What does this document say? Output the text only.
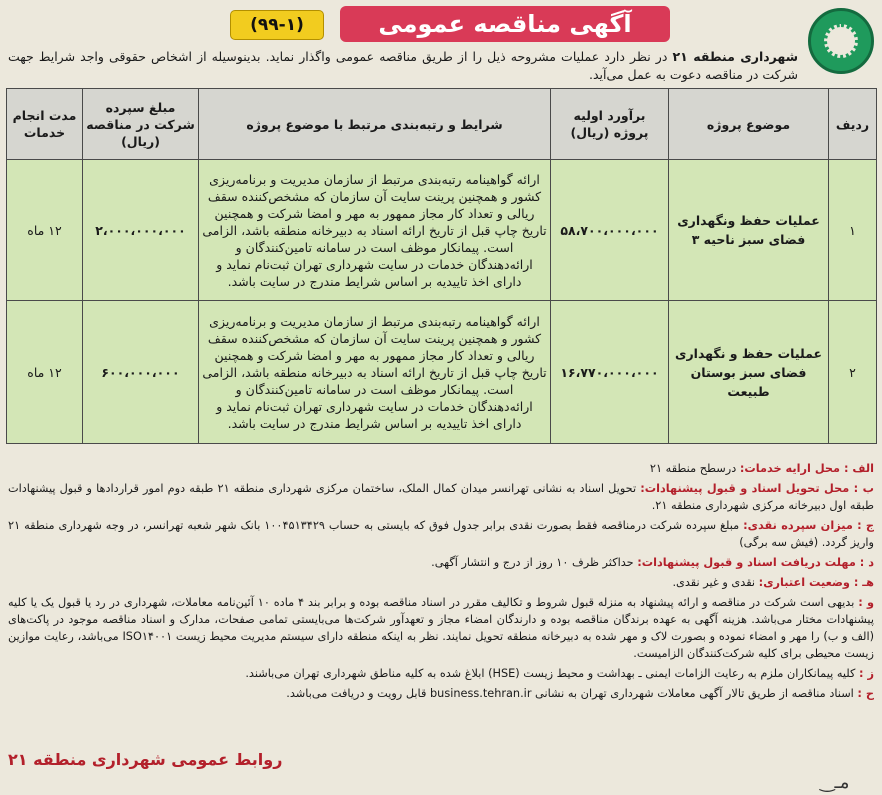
آگهی مناقصه عمومی
(۹۹-۱)
شهرداری منطقه ۲۱ در نظر دارد عملیات مشروحه ذیل را از طریق مناقصه عمومی واگذار نماید. بدینوسیله از اشخاص حقوقی واجد شرایط جهت شرکت در مناقصه دعوت به عمل می‌آید.
ردیف	موضوع پروژه	برآورد اولیه پروژه (ریال)	شرایط و رتبه‌بندی مرتبط با موضوع پروژه	مبلغ سپرده شرکت در مناقصه (ریال)	مدت انجام خدمات
۱	عملیات حفظ ونگهداری فضای سبز ناحیه ۳	۵۸،۷۰۰،۰۰۰،۰۰۰	ارائه گواهینامه رتبه‌بندی مرتبط از سازمان مدیریت و برنامه‌ریزی کشور و همچنین پرینت سایت آن سازمان که مشخص‌کننده سقف ریالی و تعداد کار مجاز ممهور به مهر و امضا شرکت و همچنین تاریخ چاپ قبل از تاریخ ارائه اسناد به دبیرخانه منطقه باشد، الزامی است. پیمانکار موظف است در سامانه تامین‌کنندگان و ارائه‌دهندگان خدمات در سایت شهرداری تهران ثبت‌نام نماید و دارای اخذ تاییدیه بر اساس شرایط مندرج در سایت باشد.	۲،۰۰۰،۰۰۰،۰۰۰	۱۲ ماه
۲	عملیات حفظ و نگهداری فضای سبز بوستان طبیعت	۱۶،۷۷۰،۰۰۰،۰۰۰	ارائه گواهینامه رتبه‌بندی مرتبط از سازمان مدیریت و برنامه‌ریزی کشور و همچنین پرینت سایت آن سازمان که مشخص‌کننده سقف ریالی و تعداد کار مجاز ممهور به مهر و امضا شرکت و همچنین تاریخ چاپ قبل از تاریخ ارائه اسناد به دبیرخانه منطقه باشد، الزامی است. پیمانکار موظف است در سامانه تامین‌کنندگان و ارائه‌دهندگان خدمات در سایت شهرداری تهران ثبت‌نام نماید و دارای اخذ تاییدیه بر اساس شرایط مندرج در سایت باشد.	۶۰۰،۰۰۰،۰۰۰	۱۲ ماه
الف : محل ارایه خدمات: درسطح منطقه ۲۱
ب : محل تحویل اسناد و قبول پیشنهادات: تحویل اسناد به نشانی تهرانسر میدان کمال الملک، ساختمان مرکزی شهرداری منطقه ۲۱ طبقه دوم امور قراردادها و قبول پیشنهادات طبقه اول دبیرخانه مرکزی شهرداری منطقه ۲۱.
ج : میزان سپرده نقدی: مبلغ سپرده شرکت درمناقصه فقط بصورت نقدی برابر جدول فوق که بایستی به حساب ۱۰۰۴۵۱۳۴۲۹ بانک شهر شعبه تهرانسر، در وجه شهرداری منطقه ۲۱ واریز گردد. (فیش سه برگی)
د : مهلت دریافت اسناد و قبول پیشنهادات: حداکثر ظرف ۱۰ روز از درج و انتشار آگهی.
هـ : وضعیت اعتباری: نقدی و غیر نقدی.
و : بدیهی است شرکت در مناقصه و ارائه پیشنهاد به منزله قبول شروط و تکالیف مقرر در اسناد مناقصه بوده و برابر بند ۴ ماده ۱۰ آئین‌نامه معاملات، شهرداری در رد یا قبول یک یا کلیه پیشنهادات مختار می‌باشد. هزینه آگهی به عهده برندگان مناقصه بوده و دارندگان امضاء مجاز و تعهدآور شرکت‌ها می‌بایستی تمامی صفحات، مدارک و اسناد مناقصه موجود در پاکت‌های (الف و ب) را مهر و امضاء نموده و بصورت لاک و مهر شده به دبیرخانه منطقه تحویل نمایند. نظر به اینکه منطقه دارای سیستم مدیریت محیط زیست ISO۱۴۰۰۱ می‌باشد، رعایت موازین زیست محیطی برای کلیه شرکت‌کنندگان الزامیست.
ز : کلیه پیمانکاران ملزم به رعایت الزامات ایمنی ـ بهداشت و محیط زیست (HSE) ابلاغ شده به کلیه مناطق شهرداری تهران می‌باشند.
ح : اسناد مناقصه از طریق تالار آگهی معاملات شهرداری تهران به نشانی business.tehran.ir قابل رویت و دریافت می‌باشد.
روابط عمومی شهرداری منطقه ۲۱
ﻣـ‿
